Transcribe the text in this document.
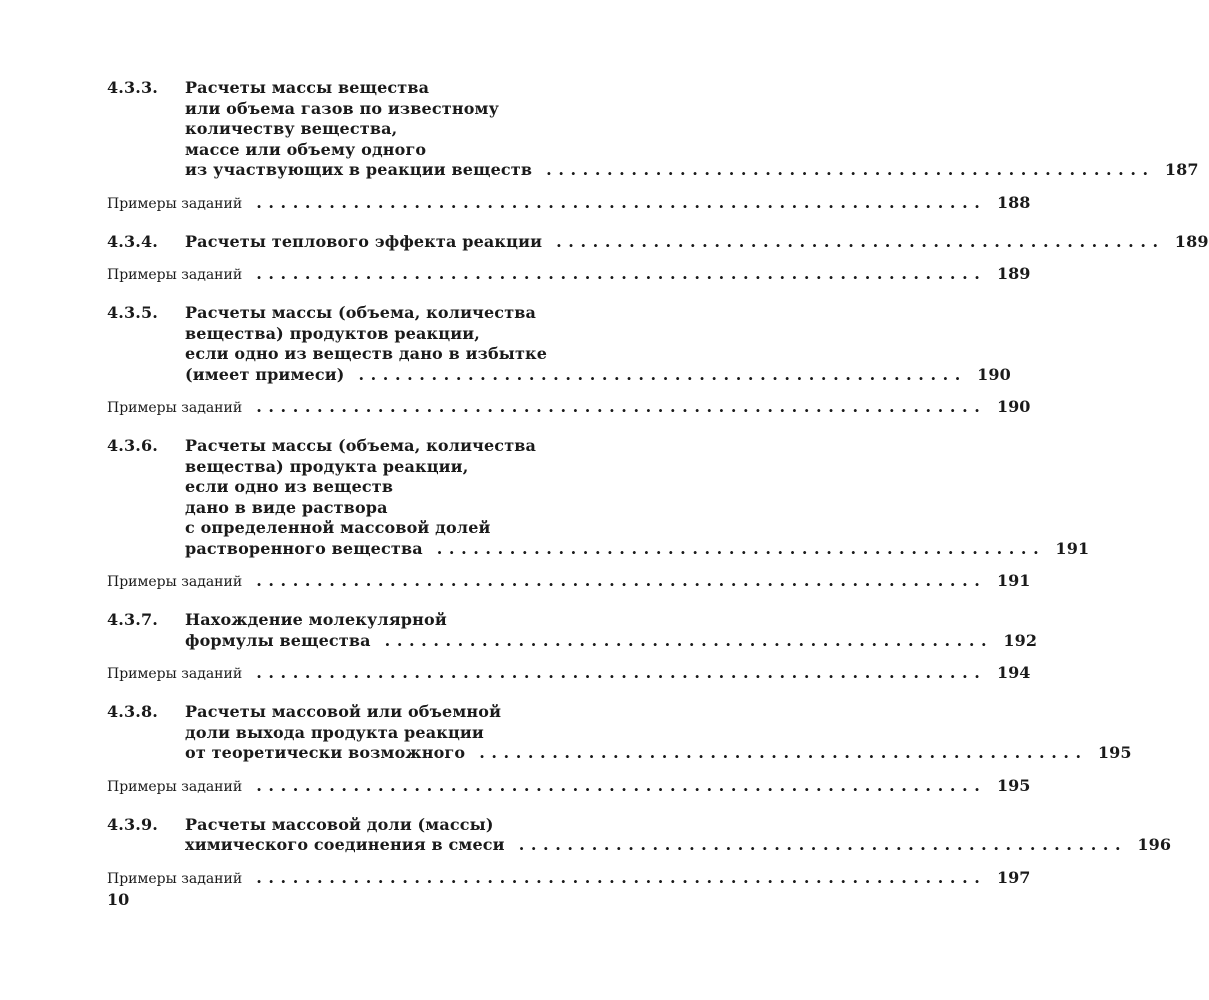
4.3.3.	Расчеты массы вещества
или объема газов по известному
количеству вещества,
массе или объему одного
из участвующих в реакции веществ .................................................. 187
Примеры заданий ............................................................ 188
4.3.4.	Расчеты теплового эффекта реакции .................................................. 189
Примеры заданий ............................................................ 189
4.3.5.	Расчеты массы (объема, количества
вещества) продуктов реакции,
если одно из веществ дано в избытке
(имеет примеси) .................................................. 190
Примеры заданий ............................................................ 190
4.3.6.	Расчеты массы (объема, количества
вещества) продукта реакции,
если одно из веществ
дано в виде раствора
с определенной массовой долей
растворенного вещества .................................................. 191
Примеры заданий ............................................................ 191
4.3.7.	Нахождение молекулярной
формулы вещества .................................................. 192
Примеры заданий ............................................................ 194
4.3.8.	Расчеты массовой или объемной
доли выхода продукта реакции
от теоретически возможного .................................................. 195
Примеры заданий ............................................................ 195
4.3.9.	Расчеты массовой доли (массы)
химического соединения в смеси .................................................. 196
Примеры заданий ............................................................ 197
10
